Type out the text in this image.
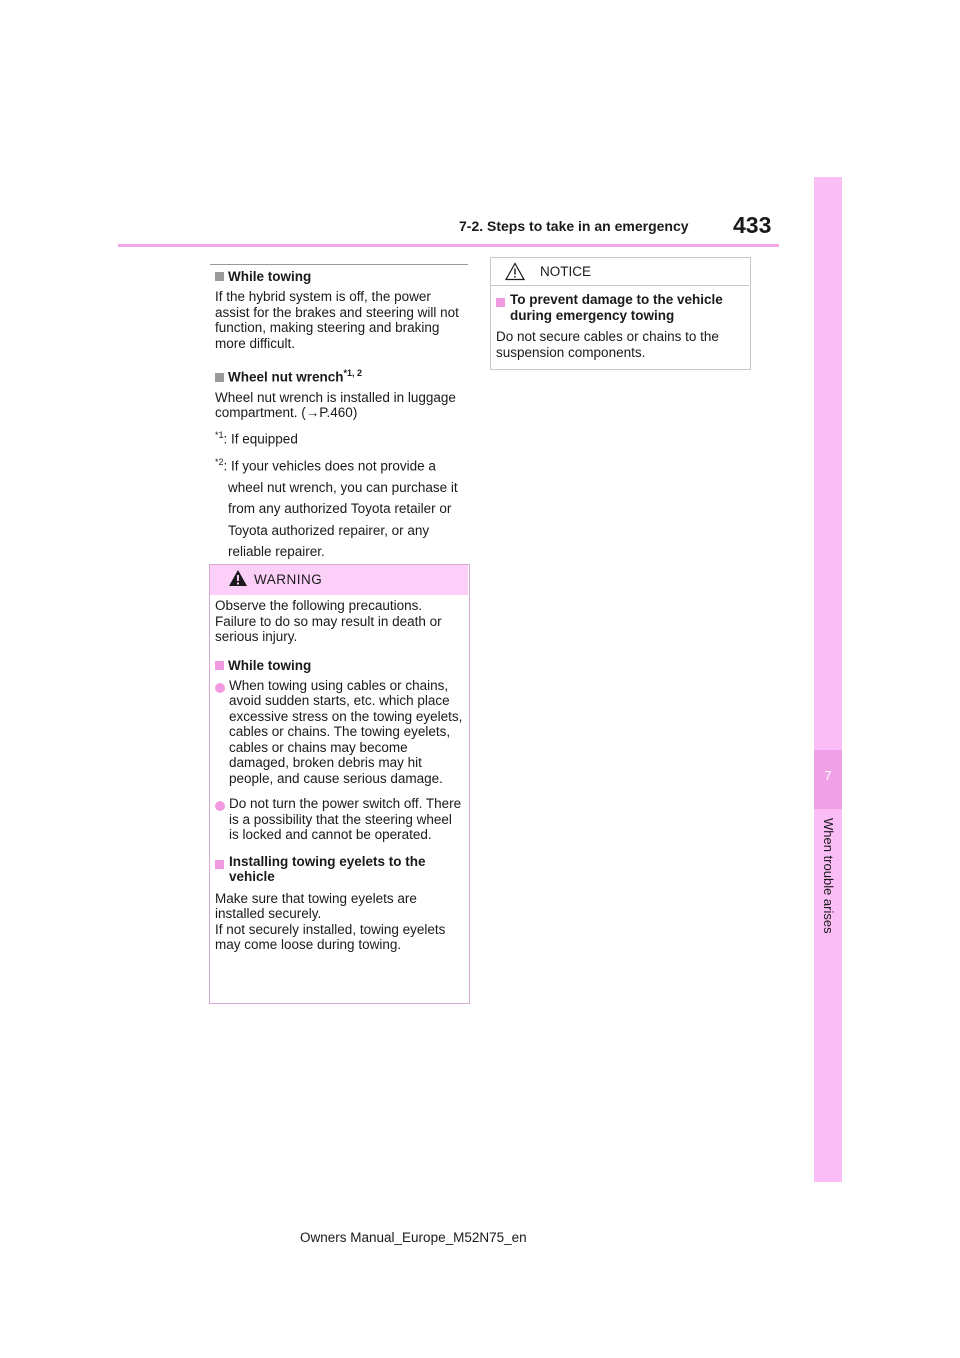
7-2. Steps to take in an emergency 433
7
When trouble arises

While towing

If the hybrid system is off, the power assist for the brakes and steering will not function, making steering and braking more difficult.

Wheel nut wrench$^{*1, 2}$

Wheel nut wrench is installed in luggage compartment. (→P.460)

$^{*1}$: If equipped

$^{*2}$: If your vehicles does not provide a wheel nut wrench, you can purchase it from any authorized Toyota retailer or Toyota authorized repairer, or any reliable repairer.

WARNING

Observe the following precautions. Failure to do so may result in death or serious injury.

While towing

When towing using cables or chains, avoid sudden starts, etc. which place excessive stress on the towing eyelets, cables or chains. The towing eyelets, cables or chains may become damaged, broken debris may hit people, and cause serious damage.
Do not turn the power switch off. There is a possibility that the steering wheel is locked and cannot be operated.
Installing towing eyelets to the vehicle

Make sure that towing eyelets are installed securely.

If not securely installed, towing eyelets may come loose during towing.

NOTICE
To prevent damage to the vehicle during emergency towing

Do not secure cables or chains to the suspension components.

Owners Manual_Europe_M52N75_en
